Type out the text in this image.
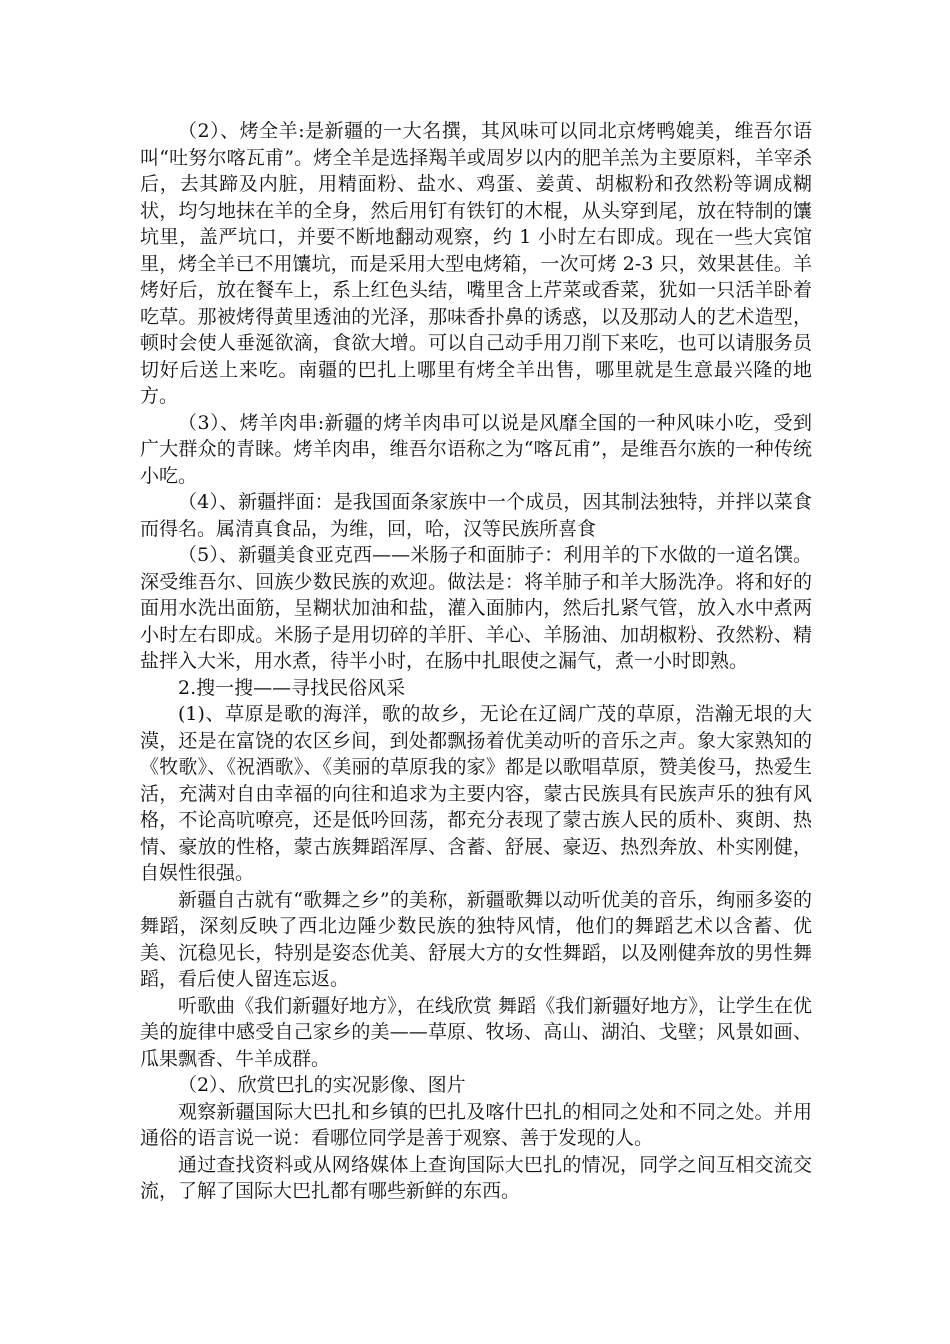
（2）、烤全羊:是新疆的一大名撰，其风味可以同北京烤鸭媲美，维吾尔语叫“吐努尔喀瓦甫”。烤全羊是选择羯羊或周岁以内的肥羊羔为主要原料，羊宰杀后，去其蹄及内脏，用精面粉、盐水、鸡蛋、姜黄、胡椒粉和孜然粉等调成糊状，均匀地抹在羊的全身，然后用钉有铁钉的木棍，从头穿到尾，放在特制的馕坑里，盖严坑口，并要不断地翻动观察，约 1 小时左右即成。现在一些大宾馆里，烤全羊已不用馕坑，而是采用大型电烤箱，一次可烤 2-3 只，效果甚佳。羊烤好后，放在餐车上，系上红色头结，嘴里含上芹菜或香菜，犹如一只活羊卧着吃草。那被烤得黄里透油的光泽，那味香扑鼻的诱惑，以及那动人的艺术造型，顿时会使人垂涎欲滴，食欲大增。可以自己动手用刀削下来吃，也可以请服务员切好后送上来吃。南疆的巴扎上哪里有烤全羊出售，哪里就是生意最兴隆的地方。

（3）、烤羊肉串:新疆的烤羊肉串可以说是风靡全国的一种风味小吃，受到广大群众的青睐。烤羊肉串，维吾尔语称之为“喀瓦甫”，是维吾尔族的一种传统小吃。

（4）、新疆拌面：是我国面条家族中一个成员，因其制法独特，并拌以菜食而得名。属清真食品，为维，回，哈，汉等民族所喜食

（5）、新疆美食亚克西——米肠子和面肺子：利用羊的下水做的一道名馔。深受维吾尔、回族少数民族的欢迎。做法是：将羊肺子和羊大肠洗净。将和好的面用水洗出面筋，呈糊状加油和盐，灌入面肺内，然后扎紧气管，放入水中煮两小时左右即成。米肠子是用切碎的羊肝、羊心、羊肠油、加胡椒粉、孜然粉、精盐拌入大米，用水煮，待半小时，在肠中扎眼使之漏气，煮一小时即熟。

2.搜一搜——寻找民俗风采

(1)、草原是歌的海洋，歌的故乡，无论在辽阔广茂的草原，浩瀚无垠的大漠，还是在富饶的农区乡间，到处都飘扬着优美动听的音乐之声。象大家熟知的《牧歌》、《祝酒歌》、《美丽的草原我的家》都是以歌唱草原，赞美俊马，热爱生活，充满对自由幸福的向往和追求为主要内容，蒙古民族具有民族声乐的独有风格，不论高吭嘹亮，还是低吟回荡，都充分表现了蒙古族人民的质朴、爽朗、热情、豪放的性格，蒙古族舞蹈浑厚、含蓄、舒展、豪迈、热烈奔放、朴实刚健，自娱性很强。

新疆自古就有“歌舞之乡”的美称，新疆歌舞以动听优美的音乐，绚丽多姿的舞蹈，深刻反映了西北边陲少数民族的独特风情，他们的舞蹈艺术以含蓄、优美、沉稳见长，特别是姿态优美、舒展大方的女性舞蹈，以及刚健奔放的男性舞蹈，看后使人留连忘返。

听歌曲《我们新疆好地方》，在线欣赏 舞蹈《我们新疆好地方》，让学生在优美的旋律中感受自己家乡的美——草原、牧场、高山、湖泊、戈壁；风景如画、瓜果飘香、牛羊成群。

（2）、欣赏巴扎的实况影像、图片

观察新疆国际大巴扎和乡镇的巴扎及喀什巴扎的相同之处和不同之处。并用通俗的语言说一说：看哪位同学是善于观察、善于发现的人。

通过查找资料或从网络媒体上查询国际大巴扎的情况，同学之间互相交流交流，了解了国际大巴扎都有哪些新鲜的东西。
